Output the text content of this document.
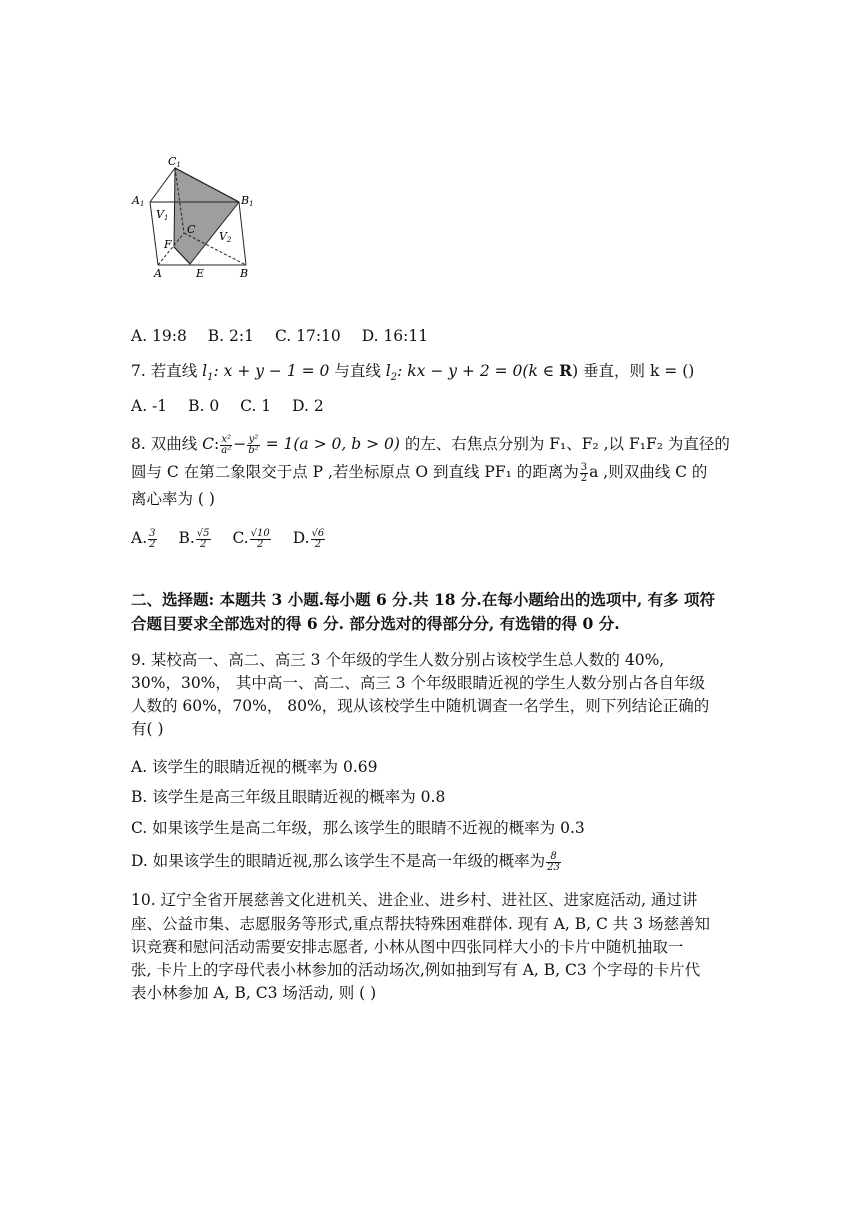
C1
A1	B1
V1
V2
C
F
A	E	B
A. 19:8 B. 2:1 C. 17:10 D. 16:11
7. 若直线 $l_1$: x + y − 1 = 0 与直线 $l_2$: kx − y + 2 = 0(k ∈ R) 垂直，则 k = ()
A. -1 B. 0 C. 1 D. 2
8. 双曲线 C: $\frac{\text{x²}}{\text{a²}} - \frac{\text{y²}}{\text{b²}} = 1(a > 0$, b > 0) 的左、右焦点分别为 F₁、F₂ ,以 F₁F₂ 为直径的
圆与 C 在第二象限交于点 P ,若坐标原点 O 到直线 PF₁ 的距离为 $\frac{3}{2}$ a ,则双曲线 C 的
离心率为 ( )
A. $\frac{3}{2} B$. $\frac{√5}{2} C$. $\frac{√10}{2} D$. $\frac{√6}{2}$
二、选择题: 本题共 3 小题.每小题 6 分.共 18 分.在每小题给出的选项中, 有多 项符
合题目要求全部选对的得 6 分. 部分选对的得部分分, 有选错的得 0 分.
9. 某校高一、高二、高三 3 个年级的学生人数分别占该校学生总人数的 40%,
30%，30%， 其中高一、高二、高三 3 个年级眼睛近视的学生人数分别占各自年级
人数的 60%，70%， 80%，现从该校学生中随机调查一名学生，则下列结论正确的
有( )
A. 该学生的眼睛近视的概率为 0.69
B. 该学生是高三年级且眼睛近视的概率为 0.8
C. 如果该学生是高二年级，那么该学生的眼睛不近视的概率为 0.3
D. 如果该学生的眼睛近视,那么该学生不是高一年级的概率为 $\frac{8}{23}$
10. 辽宁全省开展慈善文化进机关、进企业、进乡村、进社区、进家庭活动, 通过讲
座、公益市集、志愿服务等形式,重点帮扶特殊困难群体. 现有 A, B, C 共 3 场慈善知
识竞赛和慰问活动需要安排志愿者, 小林从图中四张同样大小的卡片中随机抽取一
张, 卡片上的字母代表小林参加的活动场次,例如抽到写有 A, B, C3 个字母的卡片代
表小林参加 A, B, C3 场活动, 则 ( )
